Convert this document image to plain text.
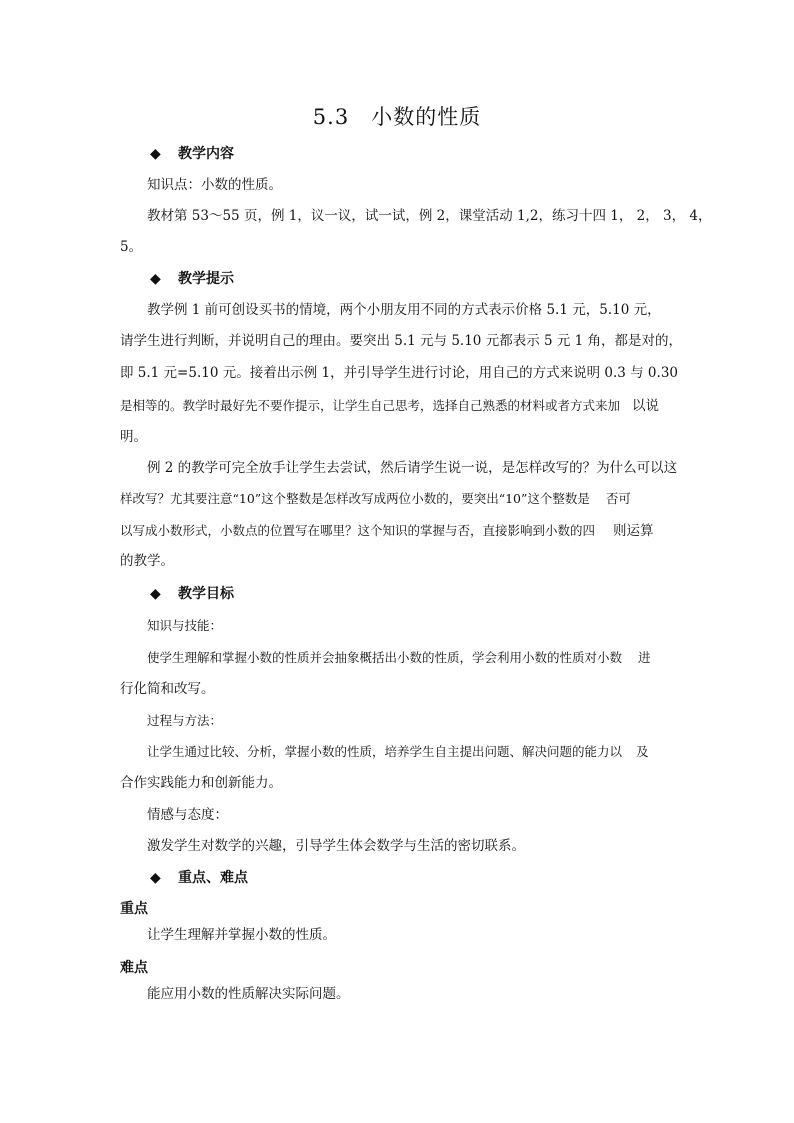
5.3 小数的性质
◆ 教学内容
知识点：小数的性质。
教材第 53～55 页，例 1，议一议，试一试，例 2，课堂活动 1,2，练习十四 1， 2， 3， 4，
5。
◆ 教学提示
教学例 1 前可创设买书的情境，两个小朋友用不同的方式表示价格 5.1 元，5.10 元，
请学生进行判断，并说明自己的理由。要突出 5.1 元与 5.10 元都表示 5 元 1 角，都是对的，
即 5.1 元=5.10 元。接着出示例 1，并引导学生进行讨论，用自己的方式来说明 0.3 与 0.30
是相等的。教学时最好先不要作提示，让学生自己思考，选择自己熟悉的材料或者方式来加 以说
明。
例 2 的教学可完全放手让学生去尝试，然后请学生说一说，是怎样改写的？为什么可以这
样改写？尤其要注意“10”这个整数是怎样改写成两位小数的，要突出“10”这个整数是 否可
以写成小数形式，小数点的位置写在哪里？这个知识的掌握与否，直接影响到小数的四 则运算
的教学。
◆ 教学目标
知识与技能：
使学生理解和掌握小数的性质并会抽象概括出小数的性质，学会利用小数的性质对小数 进
行化简和改写。
过程与方法：
让学生通过比较、分析，掌握小数的性质，培养学生自主提出问题、解决问题的能力以 及
合作实践能力和创新能力。
情感与态度：
激发学生对数学的兴趣，引导学生体会数学与生活的密切联系。
◆ 重点、难点
重点
让学生理解并掌握小数的性质。
难点
能应用小数的性质解决实际问题。
